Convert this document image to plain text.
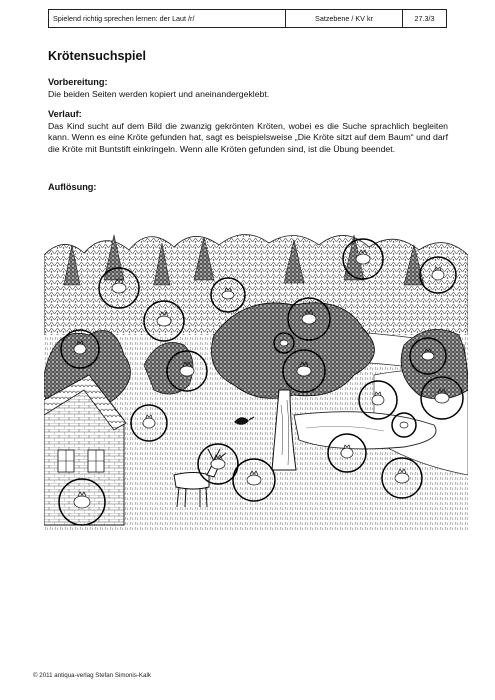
Spielend richtig sprechen lernen: der Laut /r/	Satzebene / KV kr	27.3/3
Krötensuchspiel
Vorbereitung:

Die beiden Seiten werden kopiert und aneinandergeklebt.

Verlauf:

Das Kind sucht auf dem Bild die zwanzig gekrönten Kröten, wobei es die Suche sprachlich begleiten kann. Wenn es eine Kröte gefunden hat, sagt es beispielsweise „Die Kröte sitzt auf dem Baum“ und darf die Kröte mit Buntstift einkringeln. Wenn alle Kröten gefunden sind, ist die Übung beendet.

Auflösung:
© 2011 antiqua-verlag Stefan Simonis-Kalk
